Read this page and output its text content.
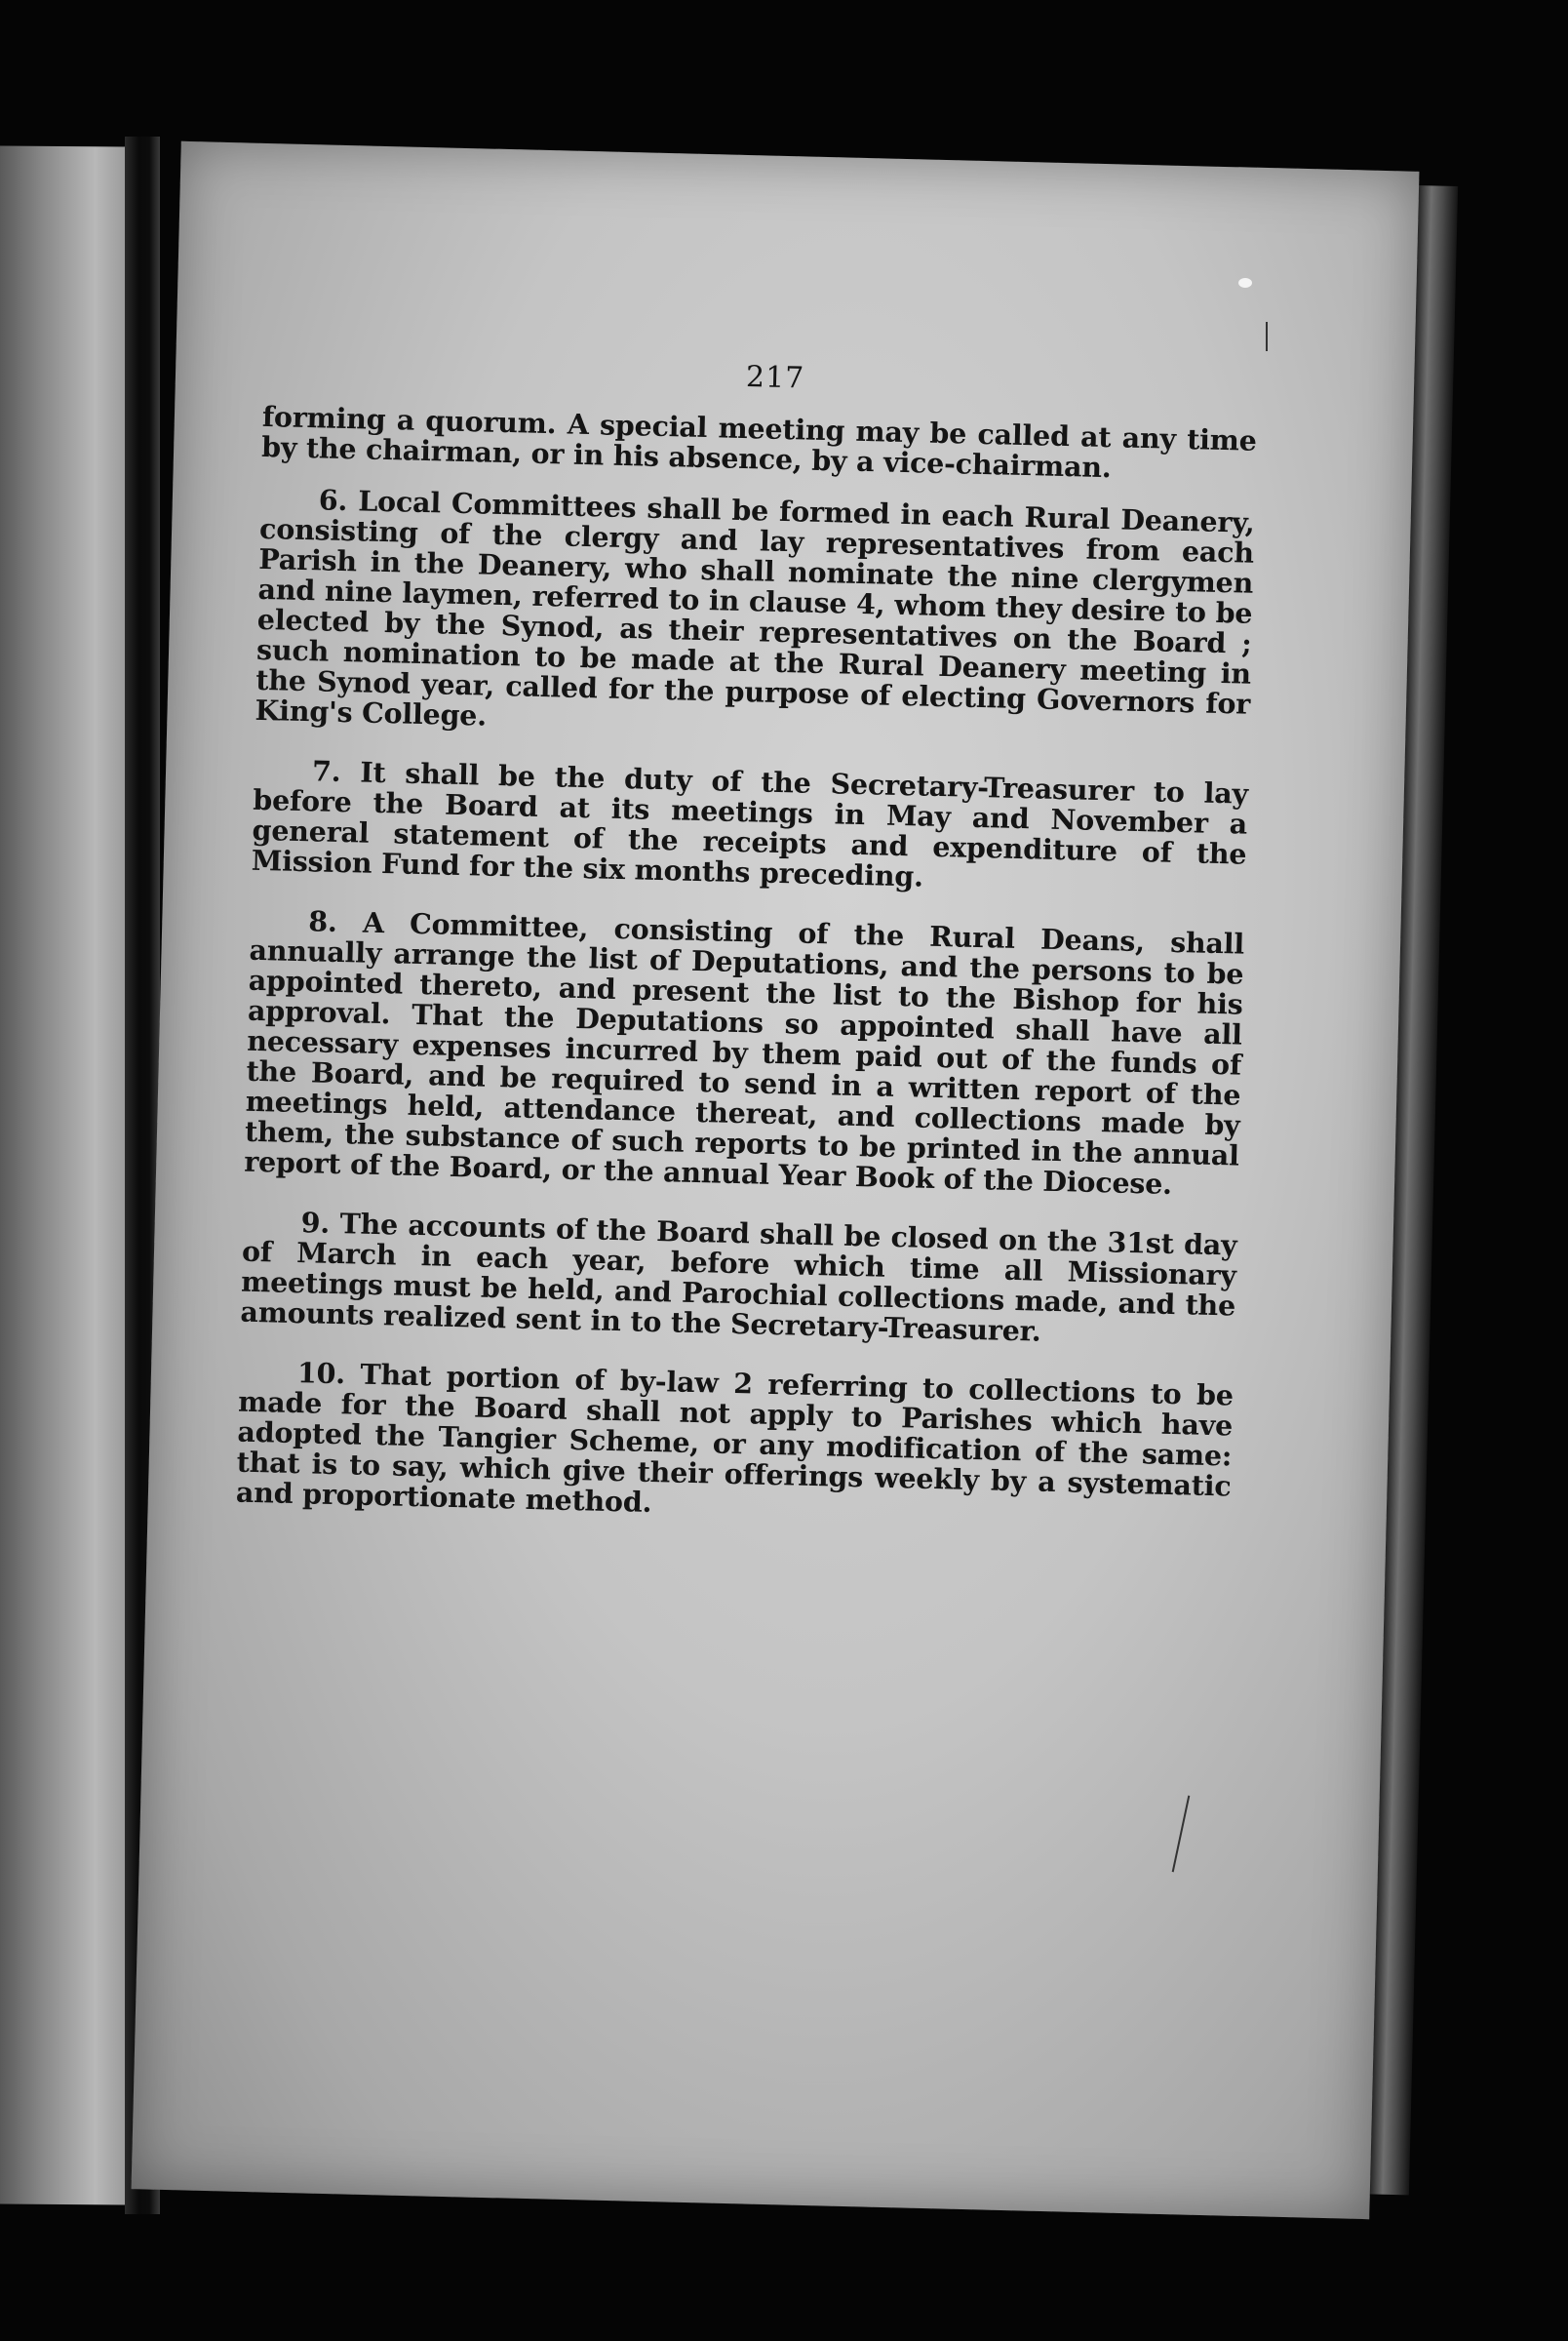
217

forming a quorum. A special meeting may be called at any time by the chairman, or in his absence, by a vice-chairman.

6. Local Committees shall be formed in each Rural Deanery, consisting of the clergy and lay representatives from each Parish in the Deanery, who shall nominate the nine clergymen and nine laymen, referred to in clause 4, whom they desire to be elected by the Synod, as their representatives on the Board ; such nomination to be made at the Rural Deanery meeting in the Synod year, called for the purpose of electing Governors for King's College.

7. It shall be the duty of the Secretary-Treasurer to lay before the Board at its meetings in May and November a general statement of the receipts and expenditure of the Mission Fund for the six months preceding.

8. A Committee, consisting of the Rural Deans, shall annually arrange the list of Deputations, and the persons to be appointed thereto, and present the list to the Bishop for his approval. That the Deputations so appointed shall have all necessary expenses incurred by them paid out of the funds of the Board, and be required to send in a written report of the meetings held, attendance thereat, and collections made by them, the substance of such reports to be printed in the annual report of the Board, or the annual Year Book of the Diocese.

9. The accounts of the Board shall be closed on the 31st day of March in each year, before which time all Missionary meetings must be held, and Parochial collections made, and the amounts realized sent in to the Secretary-Treasurer.

10. That portion of by-law 2 referring to collections to be made for the Board shall not apply to Parishes which have adopted the Tangier Scheme, or any modification of the same: that is to say, which give their offerings weekly by a systematic and proportionate method.
